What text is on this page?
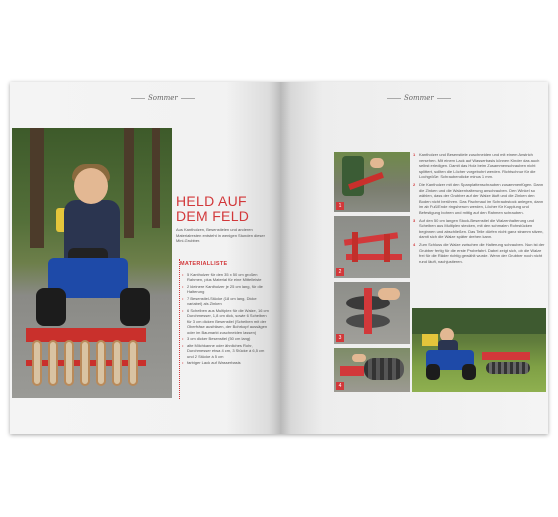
Sommer
HELD AUF
DEM FELD
Aus Kantholzen, Besenstielen und anderen Materialresten entsteht in wenigen Stunden dieser Mini-Grubber.
MATERIALLISTE
• 5 Kantholzer für den 35 x 50 cm großen Rahmen, plus Material für eine Mittelleiste
• 2 kleinere Kantholzer je 25 cm lang, für die Halterung
• 7 Besenstiel-Stücke (18 cm lang, Dicke variabel) als Zinken
• 6 Scheiben aus Multiplex für die Walze, 16 cm Durchmesser, 1,8 cm dick, sowie 6 Scheiben für 3 cm dicken Besenstiel (Scheiben mit der Oberfräse ausfräsen, der Bohrkopf aussägen oder im Baumarkt zuschneiden lassen)
• 3 cm dicker Besenstiel (50 cm lang)
• alte Milchkanne oder ähnliches Rohr, Durchmesser etwa 4 cm, 3 Stücke á 6,5 cm und 2 Stücke á 5 cm
• farbiger Lack auf Wasserbasis
Sommer
1
2
3
4
1 Kantholzer und Besenstiele zuschneiden und mit einem Anstrich versehen. Mit einem Lack auf Wasserbasis können Kinder das auch selbst erledigen. Damit das Holz beim Zusammenschrauben nicht splittert, sollten die Löcher vorgebohrt werden. Richtschnur für die Lochgröße: Schraubendicke minus 1 mm.
2 Die Kantholzer mit den Spanplattenschrauben zusammenfügen. Dann die Zinken und die Walzenhalterung anschrauben. Den Winkel so wählen, dass der Grubber auf der Walze läuft und die Zinken den Boden nicht berühren. Das Fischmaul im Schraubstock anlegen, dann im ab Fuß/Ende ringsherum werden, Löcher für Kupplung und Befestigung bohren und mittig auf den Rahmen schrauben.
3 Auf den 50 cm langen Stock-Besenstiel die Walzenhalterung und Scheiben aus Multiplex stecken, mit den schmalen Rohrstücken beginnen und abschließen. Das Teile dürfen nicht ganz stramm sitzen, damit sich die Walze später drehen kann.
4 Zum Schluss die Walze zwischen die Halterung schrauben. Nun ist der Grubber fertig für die erste Probefahrt. Dabei zeigt sich, ob die Walze frei für die Räder richtig gewählt wurde. Wenn der Grubber noch nicht rund läuft, nachjustieren.
